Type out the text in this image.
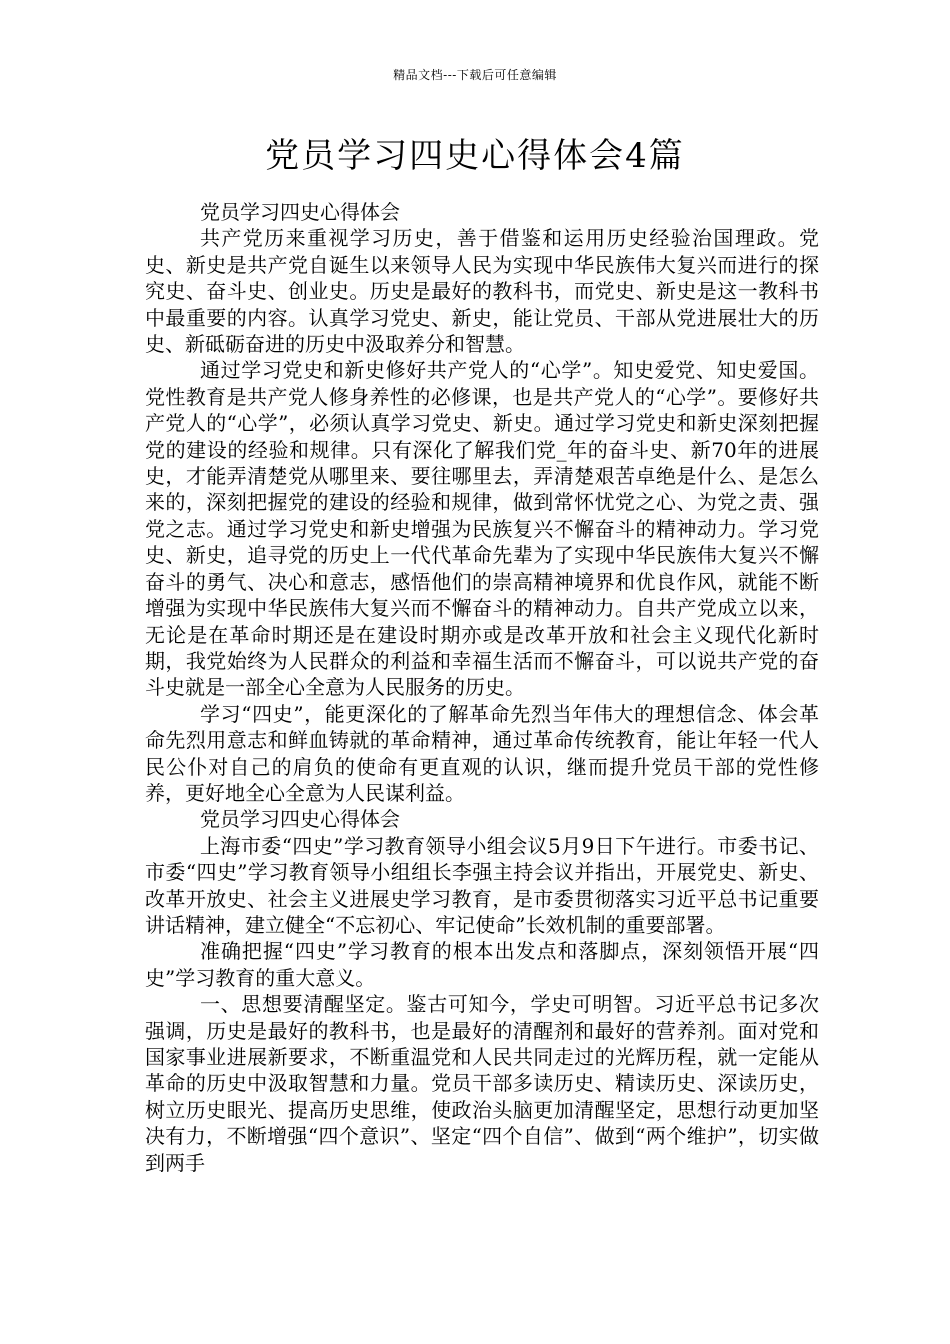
精品文档---下载后可任意编辑
党员学习四史心得体会4篇

党员学习四史心得体会

共产党历来重视学习历史，善于借鉴和运用历史经验治国理政。党史、新史是共产党自诞生以来领导人民为实现中华民族伟大复兴而进行的探究史、奋斗史、创业史。历史是最好的教科书，而党史、新史是这一教科书中最重要的内容。认真学习党史、新史，能让党员、干部从党进展壮大的历史、新砥砺奋进的历史中汲取养分和智慧。

通过学习党史和新史修好共产党人的“心学”。知史爱党、知史爱国。党性教育是共产党人修身养性的必修课，也是共产党人的“心学”。要修好共产党人的“心学”，必须认真学习党史、新史。通过学习党史和新史深刻把握党的建设的经验和规律。只有深化了解我们党_年的奋斗史、新70年的进展史，才能弄清楚党从哪里来、要往哪里去，弄清楚艰苦卓绝是什么、是怎么来的，深刻把握党的建设的经验和规律，做到常怀忧党之心、为党之责、强党之志。通过学习党史和新史增强为民族复兴不懈奋斗的精神动力。学习党史、新史，追寻党的历史上一代代革命先辈为了实现中华民族伟大复兴不懈奋斗的勇气、决心和意志，感悟他们的崇高精神境界和优良作风，就能不断增强为实现中华民族伟大复兴而不懈奋斗的精神动力。自共产党成立以来，无论是在革命时期还是在建设时期亦或是改革开放和社会主义现代化新时期，我党始终为人民群众的利益和幸福生活而不懈奋斗，可以说共产党的奋斗史就是一部全心全意为人民服务的历史。

学习“四史”，能更深化的了解革命先烈当年伟大的理想信念、体会革命先烈用意志和鲜血铸就的革命精神，通过革命传统教育，能让年轻一代人民公仆对自己的肩负的使命有更直观的认识，继而提升党员干部的党性修养，更好地全心全意为人民谋利益。

党员学习四史心得体会

上海市委“四史”学习教育领导小组会议5月9日下午进行。市委书记、市委“四史”学习教育领导小组组长李强主持会议并指出，开展党史、新史、改革开放史、社会主义进展史学习教育，是市委贯彻落实习近平总书记重要讲话精神，建立健全“不忘初心、牢记使命”长效机制的重要部署。

准确把握“四史”学习教育的根本出发点和落脚点，深刻领悟开展“四史”学习教育的重大意义。

一、思想要清醒坚定。鉴古可知今，学史可明智。习近平总书记多次强调，历史是最好的教科书，也是最好的清醒剂和最好的营养剂。面对党和国家事业进展新要求，不断重温党和人民共同走过的光辉历程，就一定能从革命的历史中汲取智慧和力量。党员干部多读历史、精读历史、深读历史，树立历史眼光、提高历史思维，使政治头脑更加清醒坚定，思想行动更加坚决有力，不断增强“四个意识”、坚定“四个自信”、做到“两个维护”，切实做到两手
